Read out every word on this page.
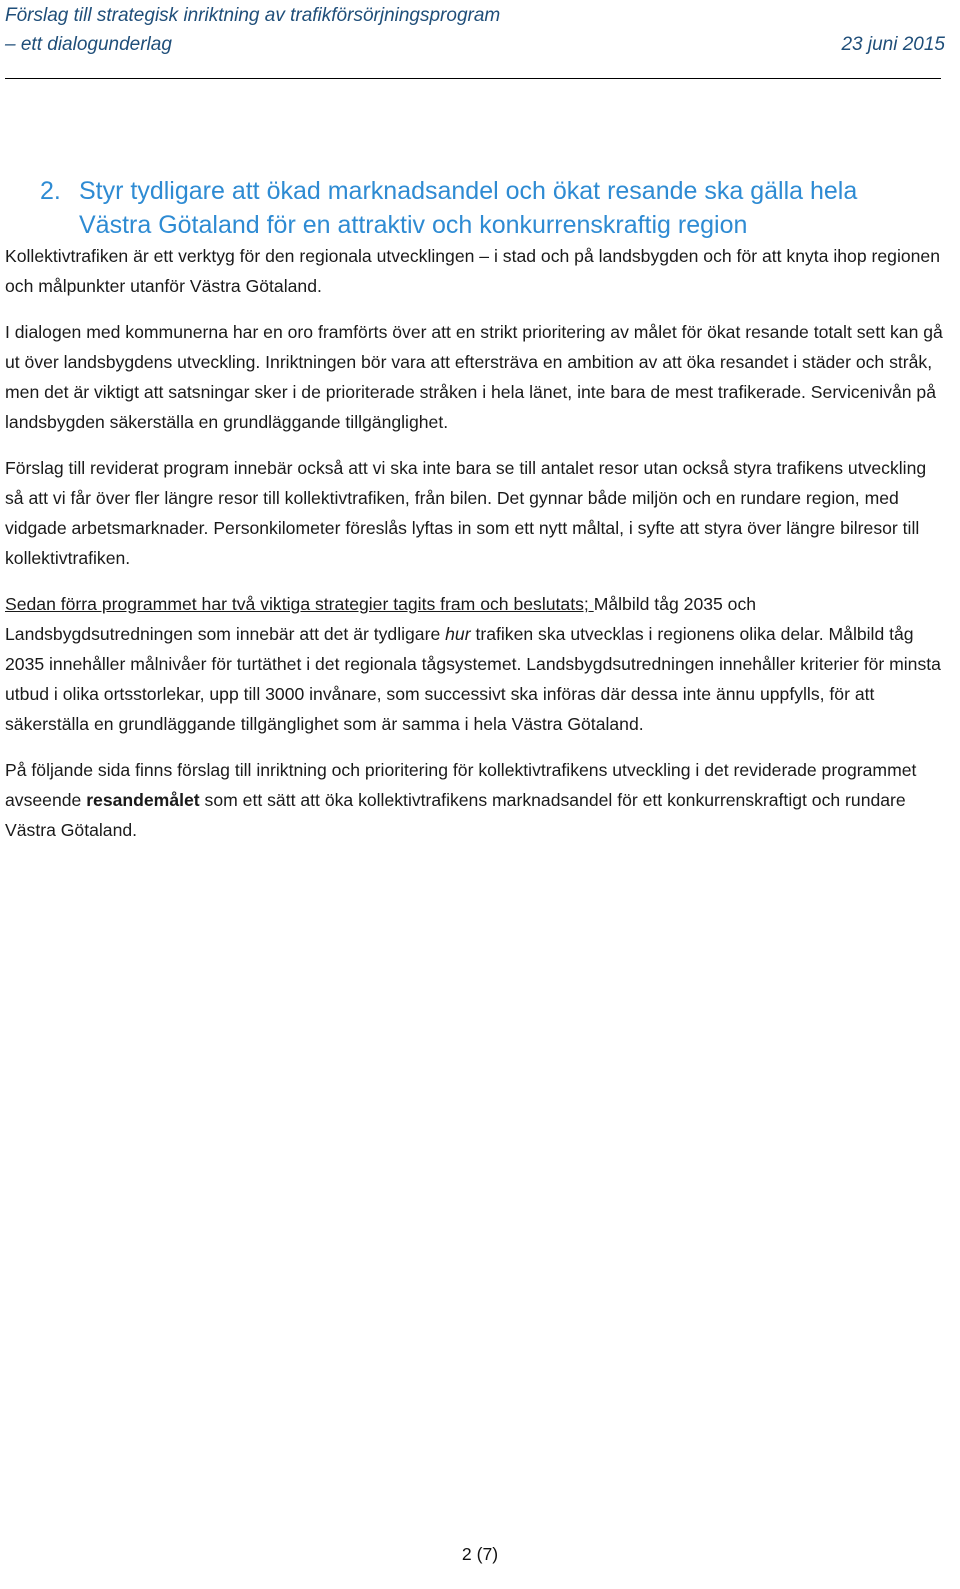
Förslag till strategisk inriktning av trafikförsörjningsprogram
– ett dialogunderlag	23 juni 2015
2. Styr tydligare att ökad marknadsandel och ökat resande ska gälla hela
Västra Götaland för en attraktiv och konkurrenskraftig region

Kollektivtrafiken är ett verktyg för den regionala utvecklingen – i stad och på landsbygden och för att knyta ihop regionen och målpunkter utanför Västra Götaland.

I dialogen med kommunerna har en oro framförts över att en strikt prioritering av målet för ökat resande totalt sett kan gå ut över landsbygdens utveckling. Inriktningen bör vara att eftersträva en ambition av att öka resandet i städer och stråk, men det är viktigt att satsningar sker i de prioriterade stråken i hela länet, inte bara de mest trafikerade. Servicenivån på landsbygden säkerställa en grundläggande tillgänglighet.

Förslag till reviderat program innebär också att vi ska inte bara se till antalet resor utan också styra trafikens utveckling så att vi får över fler längre resor till kollektivtrafiken, från bilen. Det gynnar både miljön och en rundare region, med vidgade arbetsmarknader. Personkilometer föreslås lyftas in som ett nytt måltal, i syfte att styra över längre bilresor till kollektivtrafiken.

Sedan förra programmet har två viktiga strategier tagits fram och beslutats; Målbild tåg 2035 och Landsbygdsutredningen som innebär att det är tydligare hur trafiken ska utvecklas i regionens olika delar. Målbild tåg 2035 innehåller målnivåer för turtäthet i det regionala tågsystemet. Landsbygdsutredningen innehåller kriterier för minsta utbud i olika ortsstorlekar, upp till 3000 invånare, som successivt ska införas där dessa inte ännu uppfylls, för att säkerställa en grundläggande tillgänglighet som är samma i hela Västra Götaland.

På följande sida finns förslag till inriktning och prioritering för kollektivtrafikens utveckling i det reviderade programmet avseende resandemålet som ett sätt att öka kollektivtrafikens marknadsandel för ett konkurrenskraftigt och rundare Västra Götaland.

2 (7)
